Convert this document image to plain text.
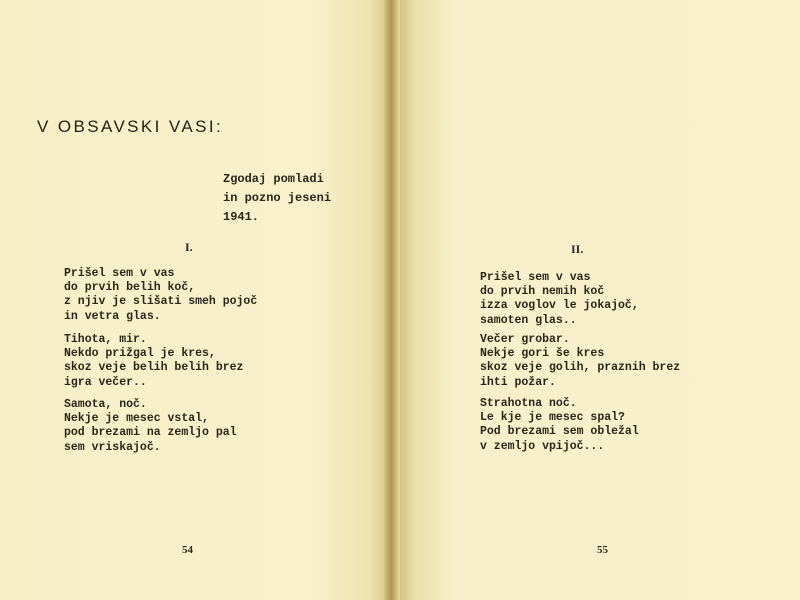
V OBSAVSKI VASI:
Zgodaj pomladi
in pozno jeseni
1941.
I.
Prišel sem v vas
do prvih belih koč,
z njiv je slišati smeh pojoč
in vetra glas.
Tihota, mir.
Nekdo prižgal je kres,
skoz veje belih belih brez
igra večer..
Samota, noč.
Nekje je mesec vstal,
pod brezami na zemljo pal
sem vriskajoč.
54
II.
Prišel sem v vas
do prvih nemih koč
izza voglov le jokajoč,
samoten glas..
Večer grobar.
Nekje gori še kres
skoz veje golih, praznih brez
ihti požar.
Strahotna noč.
Le kje je mesec spal?
Pod brezami sem obležal
v zemljo vpijoč...
55
